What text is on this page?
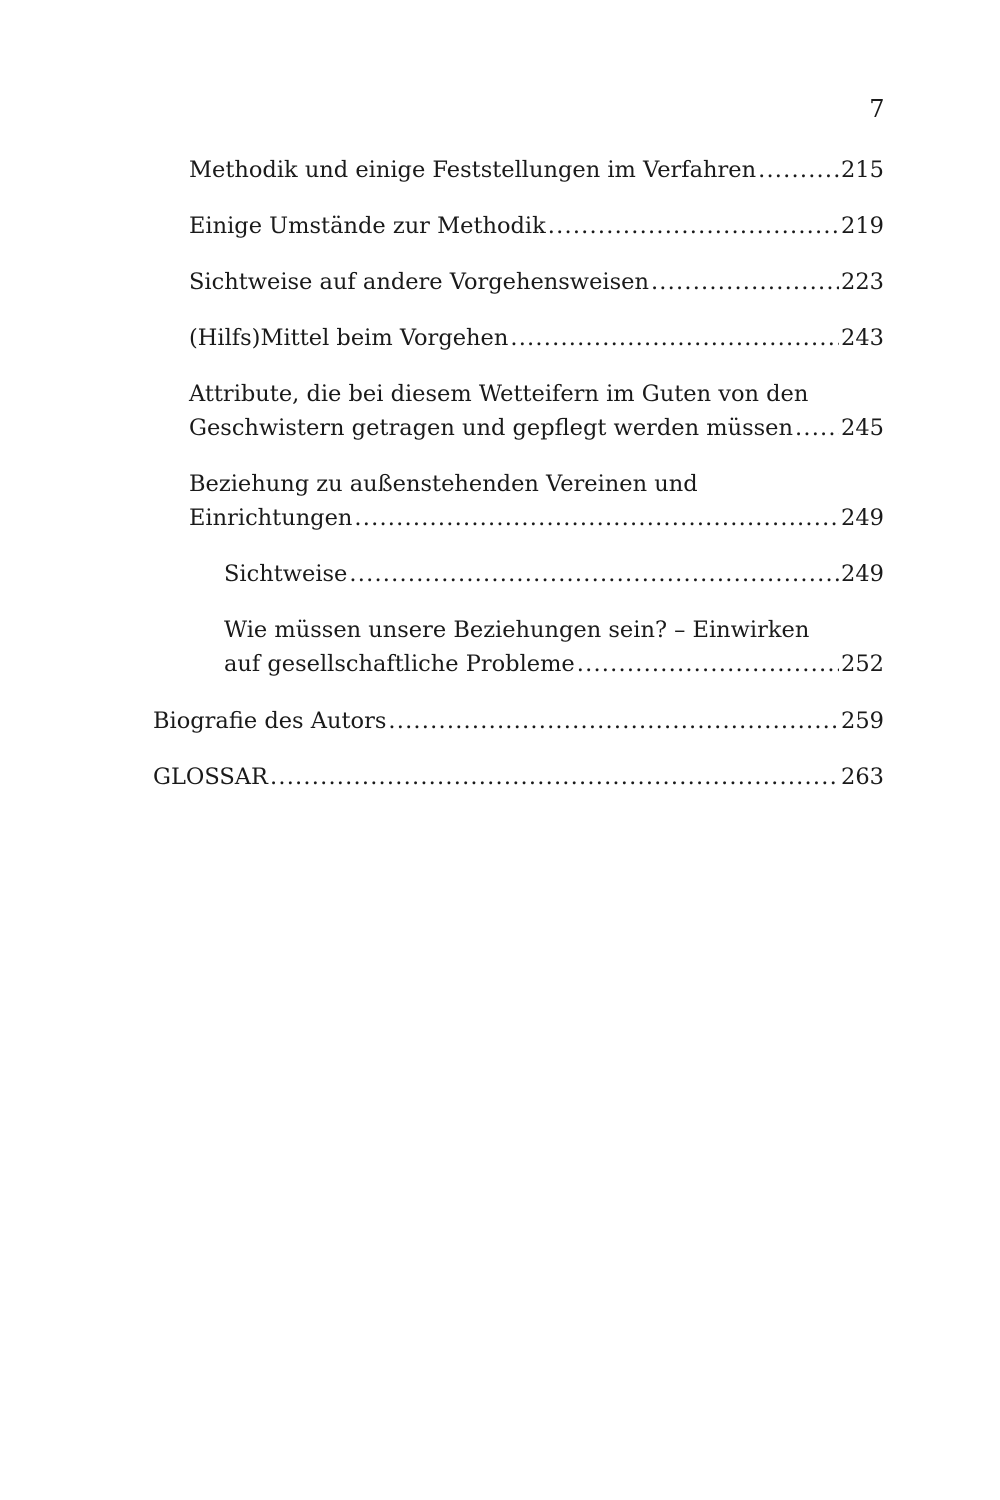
7
Methodik und einige Feststellungen im Verfahren .....	215
Einige Umstände zur Methodik .....	219
Sichtweise auf andere Vorgehensweisen .....	223
(Hilfs)Mittel beim Vorgehen .....	243
Attribute, die bei diesem Wetteifern im Guten von den
Geschwistern getragen und gepflegt werden müssen ..... 245
Beziehung zu außenstehenden Vereinen und
Einrichtungen .....	249
Sichtweise .....	249
Wie müssen unsere Beziehungen sein? – Einwirken
auf gesellschaftliche Probleme .....	252
Biografie des Autors .....	259
GLOSSAR .....	263
